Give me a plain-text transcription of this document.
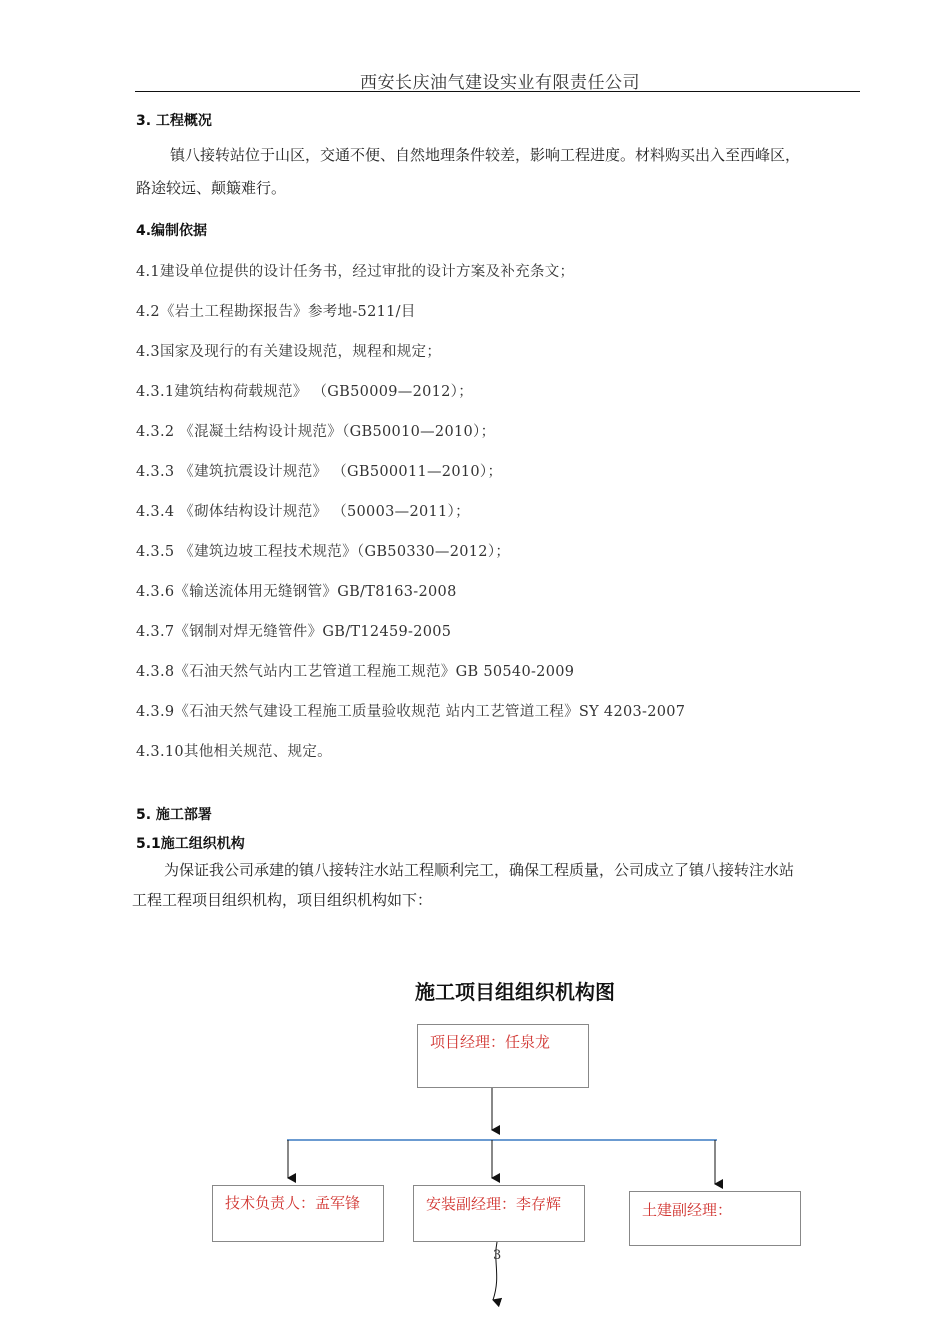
西安长庆油气建设实业有限责任公司
3. 工程概况
镇八接转站位于山区，交通不便、自然地理条件较差，影响工程进度。材料购买出入至西峰区，
路途较远、颠簸难行。
4.编制依据
4.1建设单位提供的设计任务书，经过审批的设计方案及补充条文；
4.2《岩土工程勘探报告》参考地-5211/目
4.3国家及现行的有关建设规范，规程和规定；
4.3.1建筑结构荷载规范》 （GB50009—2012）；
4.3.2 《混凝土结构设计规范》（GB50010—2010）；
4.3.3 《建筑抗震设计规范》 （GB500011—2010）；
4.3.4 《砌体结构设计规范》 （50003—2011）；
4.3.5 《建筑边坡工程技术规范》（GB50330—2012）；
4.3.6《输送流体用无缝钢管》GB/T8163-2008
4.3.7《钢制对焊无缝管件》GB/T12459-2005
4.3.8《石油天然气站内工艺管道工程施工规范》GB 50540-2009
4.3.9《石油天然气建设工程施工质量验收规范 站内工艺管道工程》SY 4203-2007
4.3.10其他相关规范、规定。
5. 施工部署
5.1施工组织机构
为保证我公司承建的镇八接转注水站工程顺利完工，确保工程质量，公司成立了镇八接转注水站
工程工程项目组织机构，项目组织机构如下：
施工项目组组织机构图
项目经理：任泉龙
技术负责人：孟军锋	安装副经理：李存辉	土建副经理：
3
